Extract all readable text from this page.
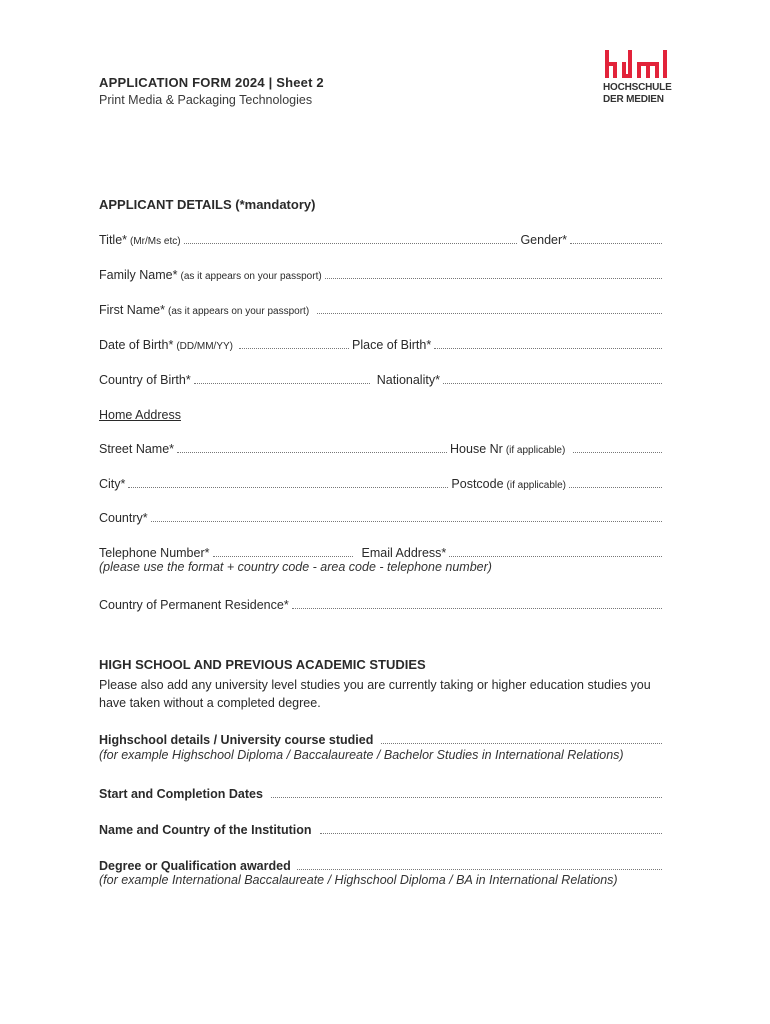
APPLICATION FORM 2024 | Sheet 2
Print Media & Packaging Technologies
HOCHSCHULE
DER MEDIEN
APPLICANT DETAILS (*mandatory)
Title* (Mr/Ms etc)	Gender*
Family Name* (as it appears on your passport)
First Name* (as it appears on your passport)
Date of Birth* (DD/MM/YY)	Place of Birth*
Country of Birth*	Nationality*
Home Address
Street Name*	House Nr (if applicable)
City*	Postcode (if applicable)
Country*
Telephone Number*	Email Address*
(please use the format + country code - area code - telephone number)
Country of Permanent Residence*
HIGH SCHOOL AND PREVIOUS ACADEMIC STUDIES
Please also add any university level studies you are currently taking or higher education studies you have taken without a completed degree.
Highschool details / University course studied
(for example Highschool Diploma / Baccalaureate / Bachelor Studies in International Relations)
Start and Completion Dates
Name and Country of the Institution
Degree or Qualification awarded
(for example International Baccalaureate / Highschool Diploma / BA in International Relations)
